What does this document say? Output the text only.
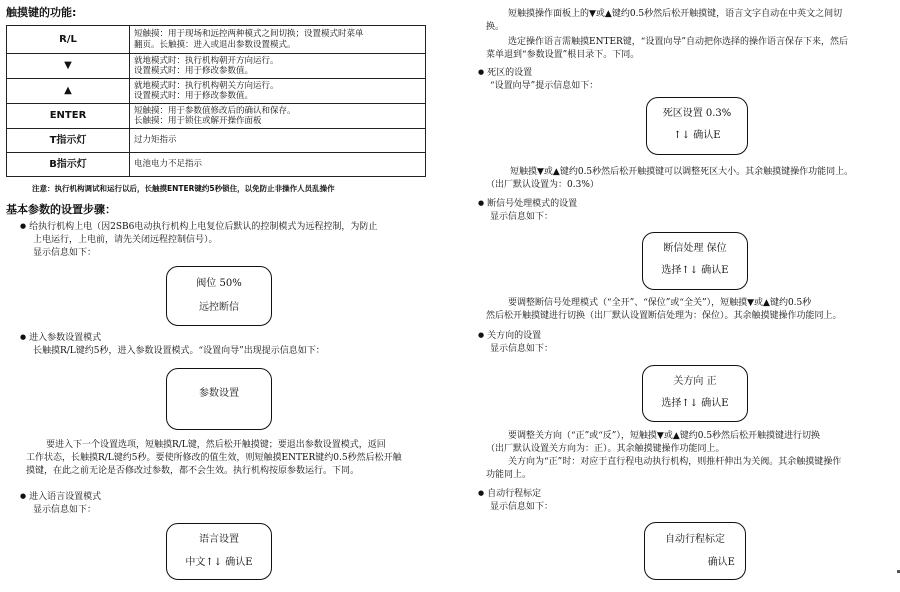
触摸键的功能:
R/L	短触摸：用于现场和远控两种模式之间切换；设置模式时菜单
翻页。长触摸：进入或退出参数设置模式。

▼	就地模式时：执行机构朝开方向运行。
设置模式时：用于修改参数值。

▲	就地模式时：执行机构朝关方向运行。
设置模式时：用于修改参数值。

ENTER	短触摸：用于参数值修改后的确认和保存。
长触摸：用于锁住或解开操作面板

T指示灯	过力矩指示

B指示灯	电池电力不足指示
注意：执行机构调试和运行以后，长触摸ENTER键约5秒锁住，以免防止非操作人员乱操作
基本参数的设置步骤：
● 给执行机构上电（因2SB6电动执行机构上电复位后默认的控制模式为远程控制，为防止
上电运行，上电前，请先关闭远程控制信号）。
显示信息如下：
阀位 50%
远控断信
● 进入参数设置模式
长触摸R/L键约5秒，进入参数设置模式。“设置向导”出现提示信息如下：
参数设置
要进入下一个设置选项，短触摸R/L键，然后松开触摸键；要退出参数设置模式，返回
工作状态，长触摸R/L键约5秒。要使所修改的值生效，则短触摸ENTER键约0.5秒然后松开触
摸键，在此之前无论是否修改过参数，都不会生效。执行机构按原参数运行。下同。
● 进入语言设置模式
显示信息如下：
语言设置
中文↑↓ 确认E
短触摸操作面板上的▼或▲键约0.5秒然后松开触摸键，语言文字自动在中英文之间切
换。
选定操作语言需触摸ENTER键，“设置向导”自动把你选择的操作语言保存下来，然后
菜单退到“参数设置”根目录下。下同。
● 死区的设置
“设置向导”提示信息如下：
死区设置 0.3%
↑↓ 确认E
短触摸▼或▲键约0.5秒然后松开触摸键可以调整死区大小。其余触摸键操作功能同上。
（出厂默认设置为：0.3%）
● 断信号处理模式的设置
显示信息如下：
断信处理 保位
选择↑↓ 确认E
要调整断信号处理模式（“全开”、“保位”或“全关”），短触摸▼或▲键约0.5秒
然后松开触摸键进行切换（出厂默认设置断信处理为：保位）。其余触摸键操作功能同上。
● 关方向的设置
显示信息如下：
关方向 正
选择↑↓ 确认E
要调整关方向（“正”或“反”），短触摸▼或▲键约0.5秒然后松开触摸键进行切换
（出厂默认设置关方向为：正）。其余触摸键操作功能同上。
关方向为“正”时：对应于直行程电动执行机构，则推杆伸出为关阀。其余触摸键操作
功能同上。
● 自动行程标定
显示信息如下：
自动行程标定
确认E
